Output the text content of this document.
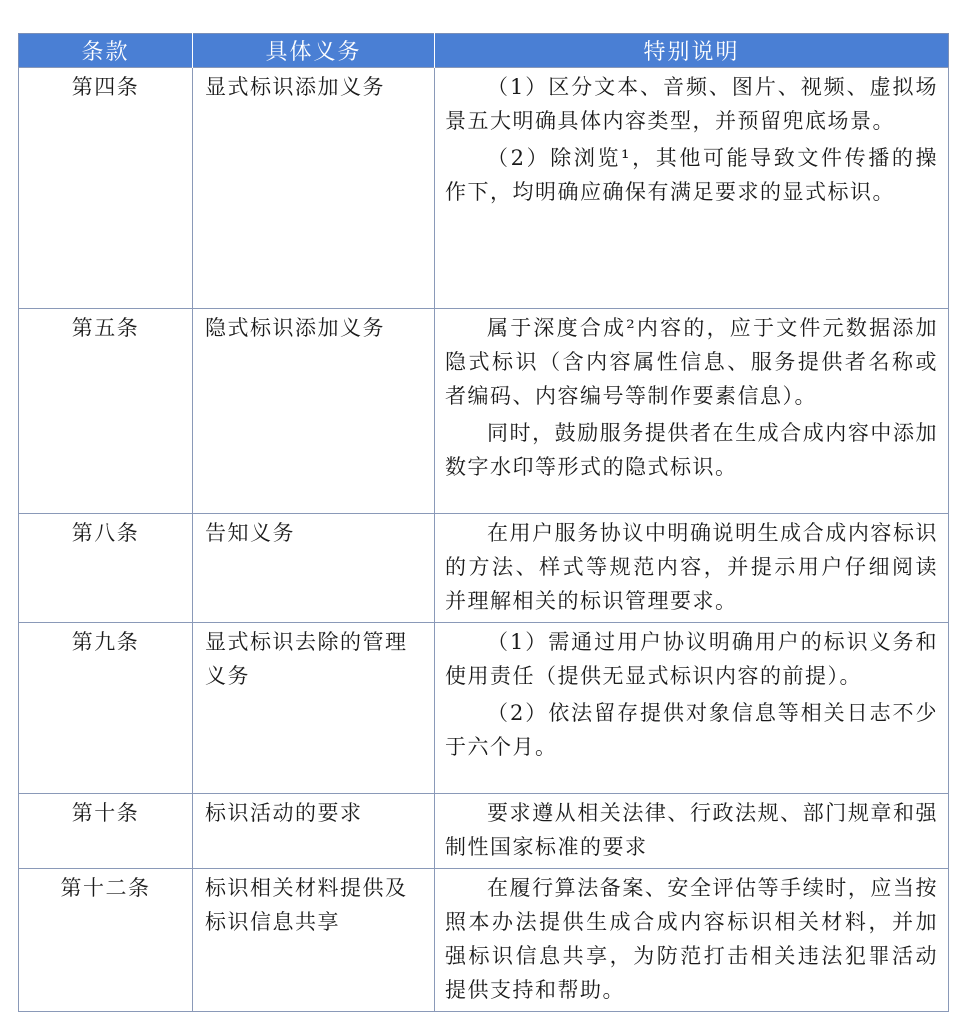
条款	具体义务	特别说明
第四条	显式标识添加义务	（1）区分文本、音频、图片、视频、虚拟场景五大明确具体内容类型，并预留兜底场景。

（2）除浏览¹，其他可能导致文件传播的操作下，均明确应确保有满足要求的显式标识。

第五条	隐式标识添加义务	属于深度合成²内容的，应于文件元数据添加隐式标识（含内容属性信息、服务提供者名称或者编码、内容编号等制作要素信息）。

同时，鼓励服务提供者在生成合成内容中添加数字水印等形式的隐式标识。

第八条	告知义务	在用户服务协议中明确说明生成合成内容标识的方法、样式等规范内容，并提示用户仔细阅读并理解相关的标识管理要求。

第九条	显式标识去除的管理义务	（1）需通过用户协议明确用户的标识义务和使用责任（提供无显式标识内容的前提）。

（2）依法留存提供对象信息等相关日志不少于六个月。

第十条	标识活动的要求	要求遵从相关法律、行政法规、部门规章和强制性国家标准的要求

第十二条	标识相关材料提供及标识信息共享	在履行算法备案、安全评估等手续时，应当按照本办法提供生成合成内容标识相关材料，并加强标识信息共享，为防范打击相关违法犯罪活动提供支持和帮助。
